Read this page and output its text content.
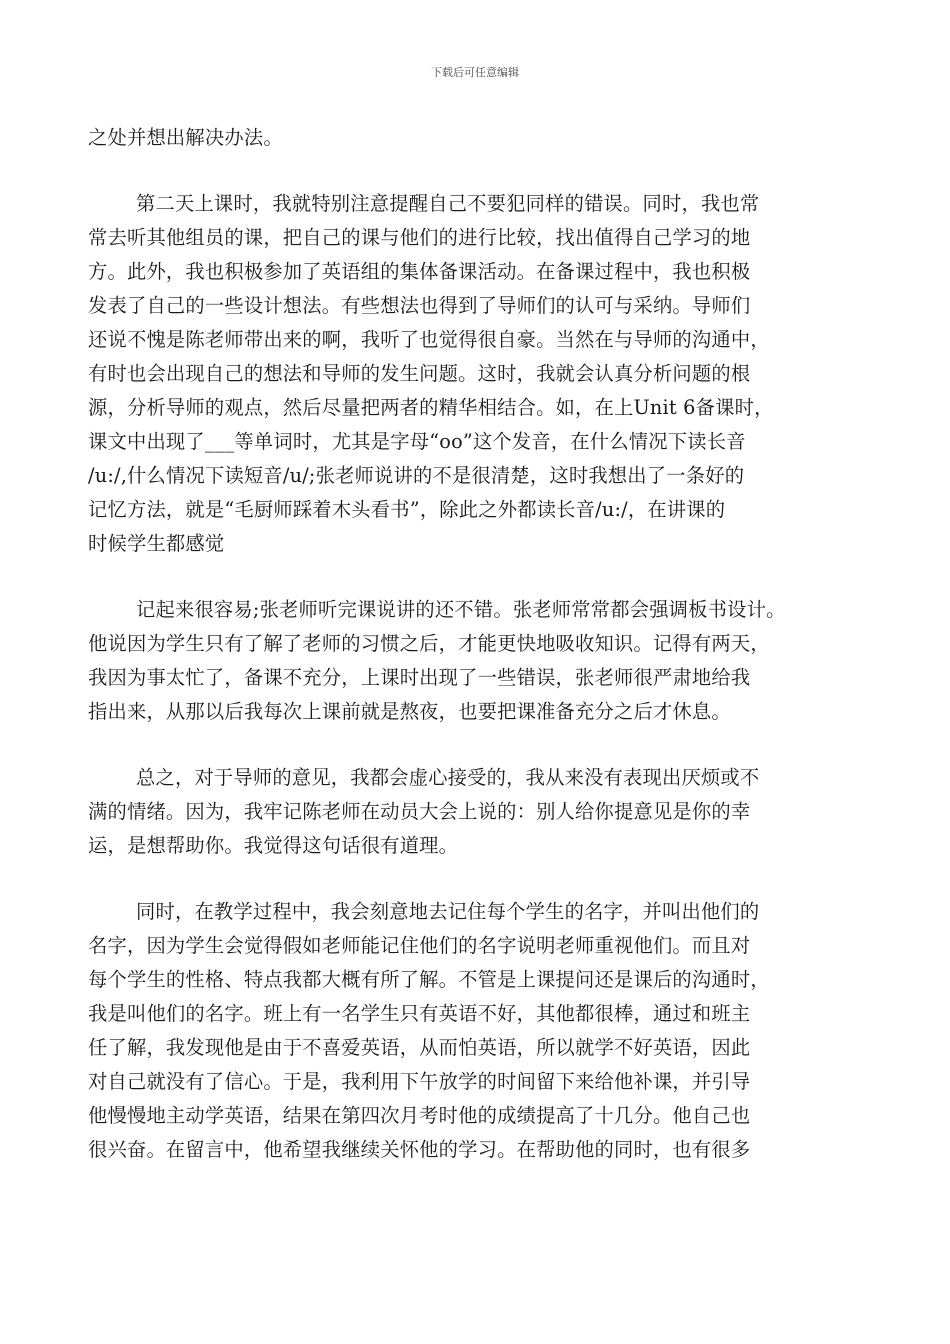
下载后可任意编辑
之处并想出解决办法。
第二天上课时，我就特别注意提醒自己不要犯同样的错误。同时，我也常
常去听其他组员的课，把自己的课与他们的进行比较，找出值得自己学习的地
方。此外，我也积极参加了英语组的集体备课活动。在备课过程中，我也积极
发表了自己的一些设计想法。有些想法也得到了导师们的认可与采纳。导师们
还说不愧是陈老师带出来的啊，我听了也觉得很自豪。当然在与导师的沟通中，
有时也会出现自己的想法和导师的发生问题。这时，我就会认真分析问题的根
源，分析导师的观点，然后尽量把两者的精华相结合。如，在上Unit 6备课时，
课文中出现了___等单词时，尤其是字母“oo”这个发音，在什么情况下读长音
/u:/,什么情况下读短音/u/;张老师说讲的不是很清楚，这时我想出了一条好的
记忆方法，就是“毛厨师踩着木头看书”，除此之外都读长音/u:/，在讲课的
时候学生都感觉
记起来很容易;张老师听完课说讲的还不错。张老师常常都会强调板书设计。
他说因为学生只有了解了老师的习惯之后，才能更快地吸收知识。记得有两天，
我因为事太忙了，备课不充分，上课时出现了一些错误，张老师很严肃地给我
指出来，从那以后我每次上课前就是熬夜，也要把课准备充分之后才休息。
总之，对于导师的意见，我都会虚心接受的，我从来没有表现出厌烦或不
满的情绪。因为，我牢记陈老师在动员大会上说的：别人给你提意见是你的幸
运，是想帮助你。我觉得这句话很有道理。
同时，在教学过程中，我会刻意地去记住每个学生的名字，并叫出他们的
名字，因为学生会觉得假如老师能记住他们的名字说明老师重视他们。而且对
每个学生的性格、特点我都大概有所了解。不管是上课提问还是课后的沟通时，
我是叫他们的名字。班上有一名学生只有英语不好，其他都很棒，通过和班主
任了解，我发现他是由于不喜爱英语，从而怕英语，所以就学不好英语，因此
对自己就没有了信心。于是，我利用下午放学的时间留下来给他补课，并引导
他慢慢地主动学英语，结果在第四次月考时他的成绩提高了十几分。他自己也
很兴奋。在留言中，他希望我继续关怀他的学习。在帮助他的同时，也有很多
